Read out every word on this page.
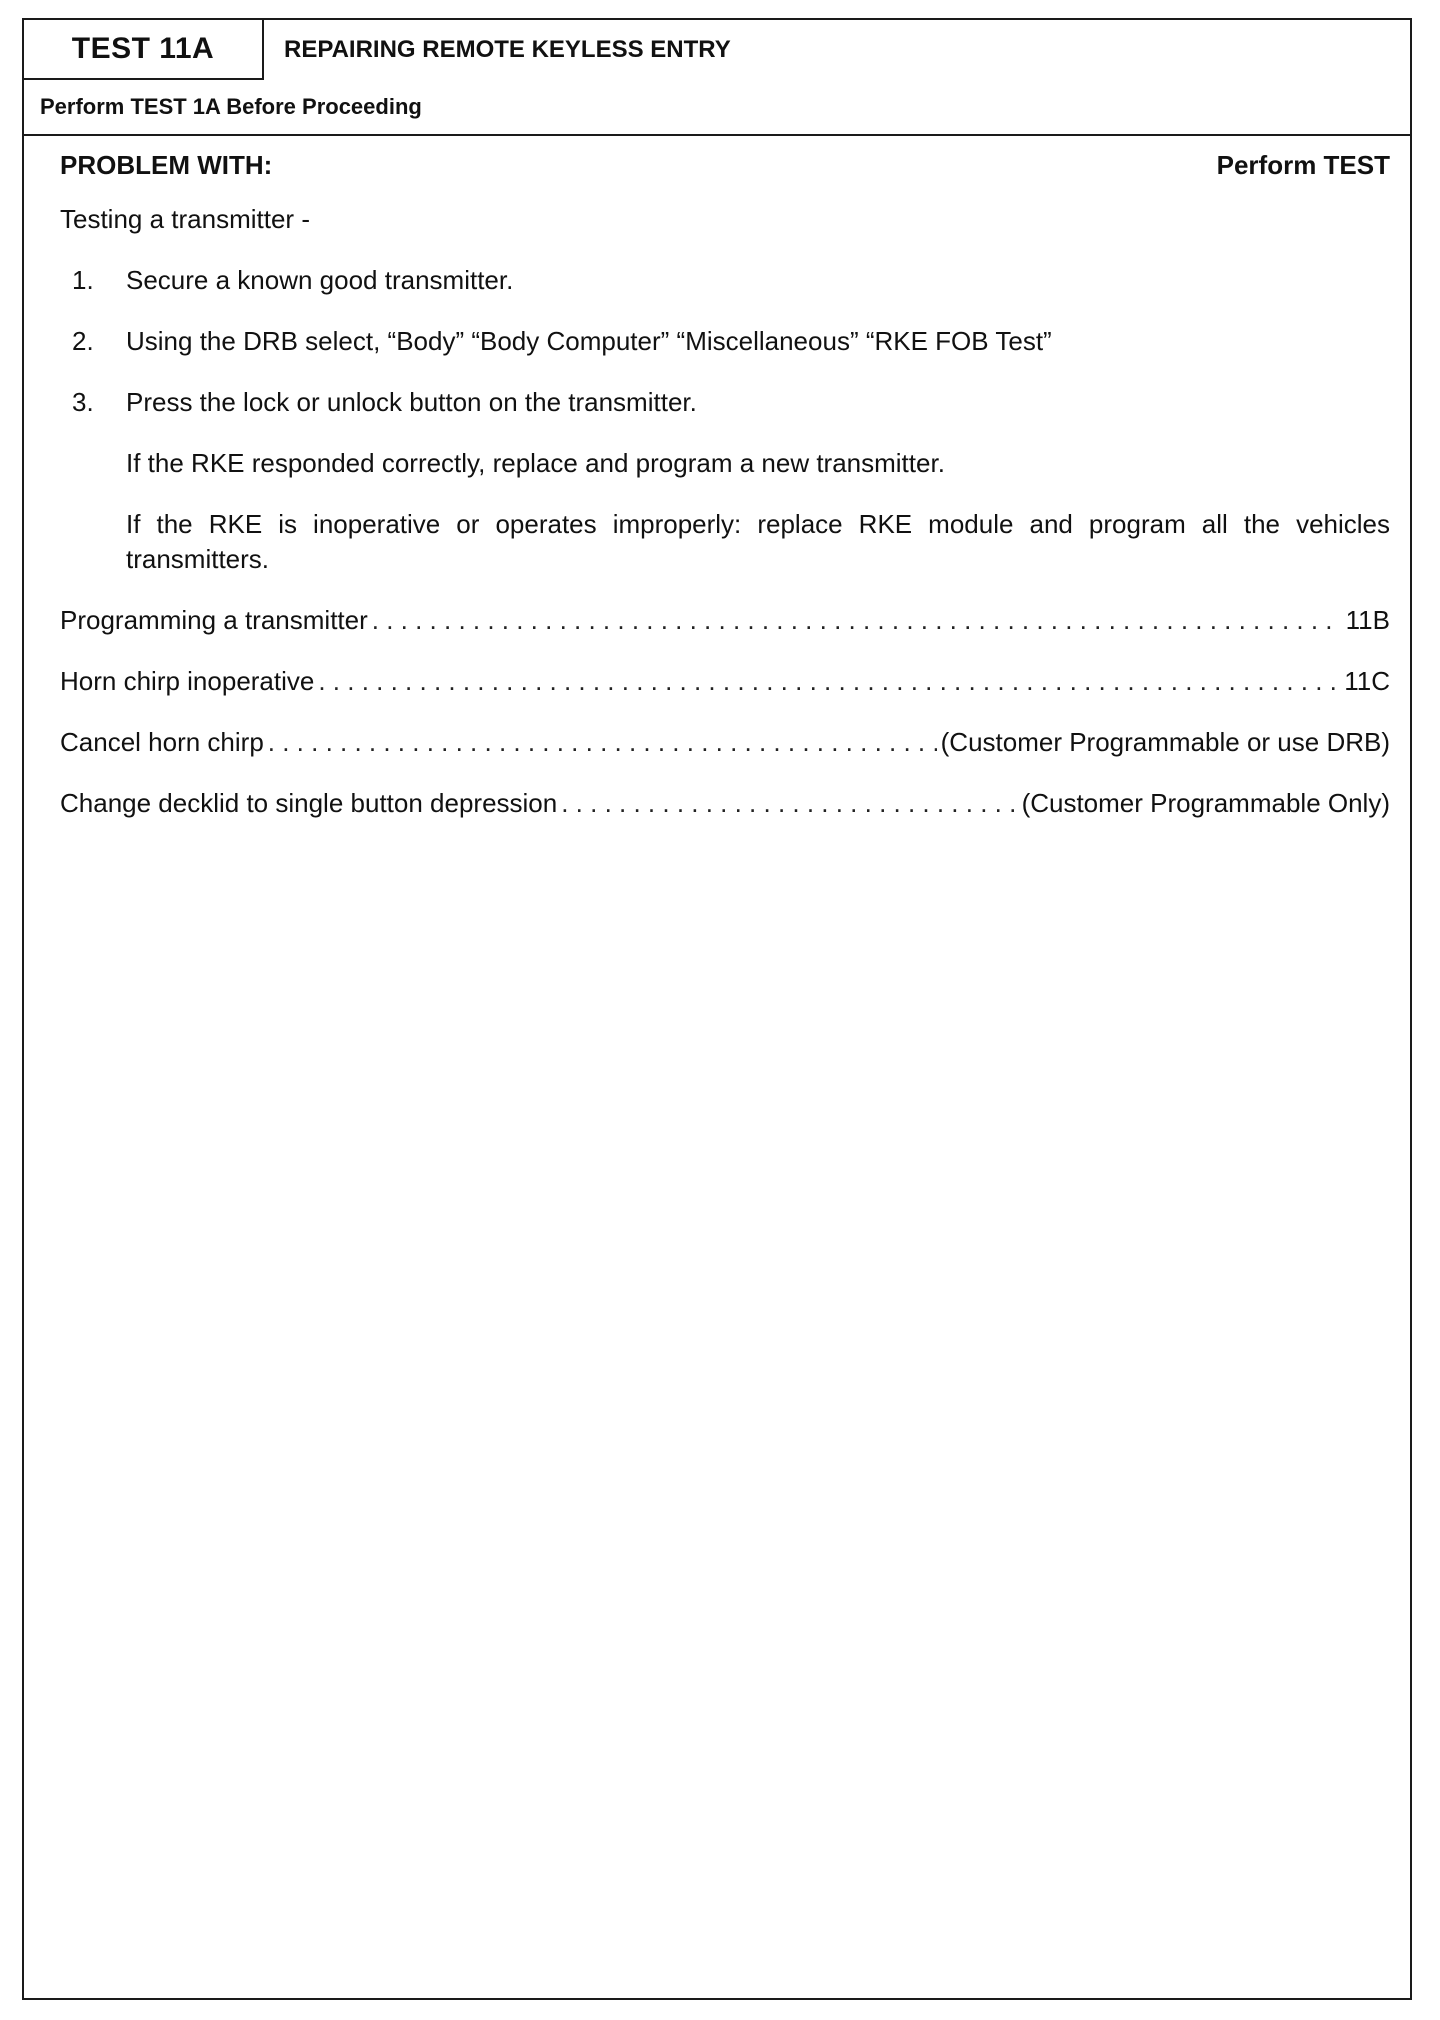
TEST 11A	REPAIRING REMOTE KEYLESS ENTRY
Perform TEST 1A Before Proceeding
PROBLEM WITH:	Perform TEST

Testing a transmitter -

1. Secure a known good transmitter.
2. Using the DRB select, “Body” “Body Computer” “Miscellaneous” “RKE FOB Test”
3. Press the lock or unlock button on the transmitter.

If the RKE responded correctly, replace and program a new transmitter.

If the RKE is inoperative or operates improperly: replace RKE module and program all the vehicles transmitters.

Programming a transmitter . . .	11B
Horn chirp inoperative . . .	11C
Cancel horn chirp . . .	(Customer Programmable or use DRB)
Change decklid to single button depression . . .	(Customer Programmable Only)
